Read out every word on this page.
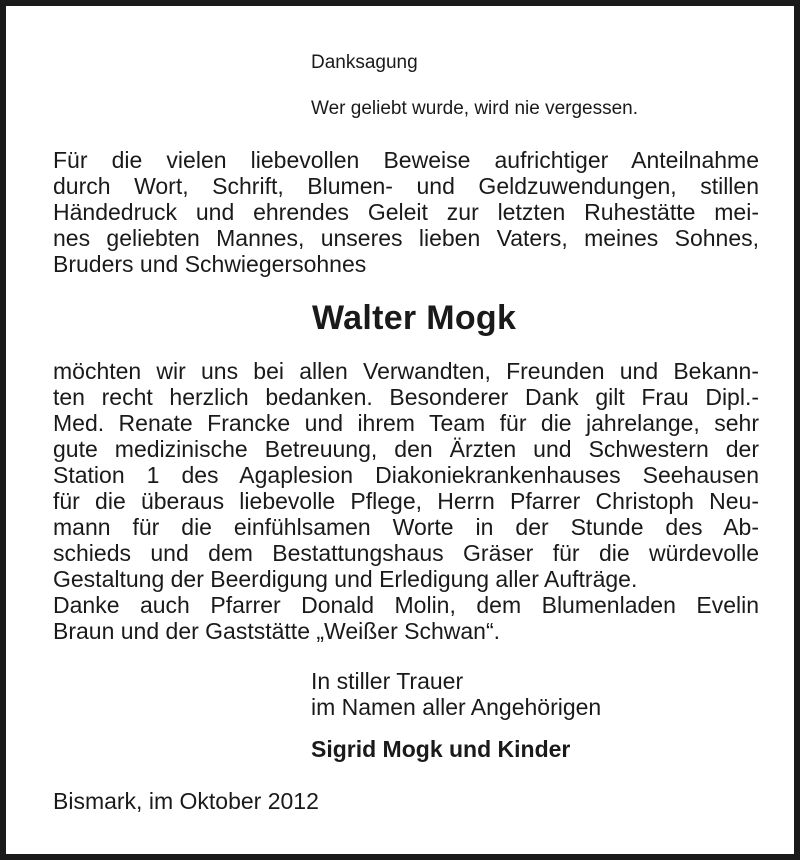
Danksagung
Wer geliebt wurde, wird nie vergessen.
Für die vielen liebevollen Beweise aufrichtiger Anteilnahme
durch Wort, Schrift, Blumen- und Geldzuwendungen, stillen
Händedruck und ehrendes Geleit zur letzten Ruhestätte mei-
nes geliebten Mannes, unseres lieben Vaters, meines Sohnes,
Bruders und Schwiegersohnes
Walter Mogk
möchten wir uns bei allen Verwandten, Freunden und Bekann-
ten recht herzlich bedanken. Besonderer Dank gilt Frau Dipl.-
Med. Renate Francke und ihrem Team für die jahrelange, sehr
gute medizinische Betreuung, den Ärzten und Schwestern der
Station 1 des Agaplesion Diakoniekrankenhauses Seehausen
für die überaus liebevolle Pflege, Herrn Pfarrer Christoph Neu-
mann für die einfühlsamen Worte in der Stunde des Ab-
schieds und dem Bestattungshaus Gräser für die würdevolle
Gestaltung der Beerdigung und Erledigung aller Aufträge.
Danke auch Pfarrer Donald Molin, dem Blumenladen Evelin
Braun und der Gaststätte „Weißer Schwan“.
In stiller Trauer
im Namen aller Angehörigen
Sigrid Mogk und Kinder
Bismark, im Oktober 2012
